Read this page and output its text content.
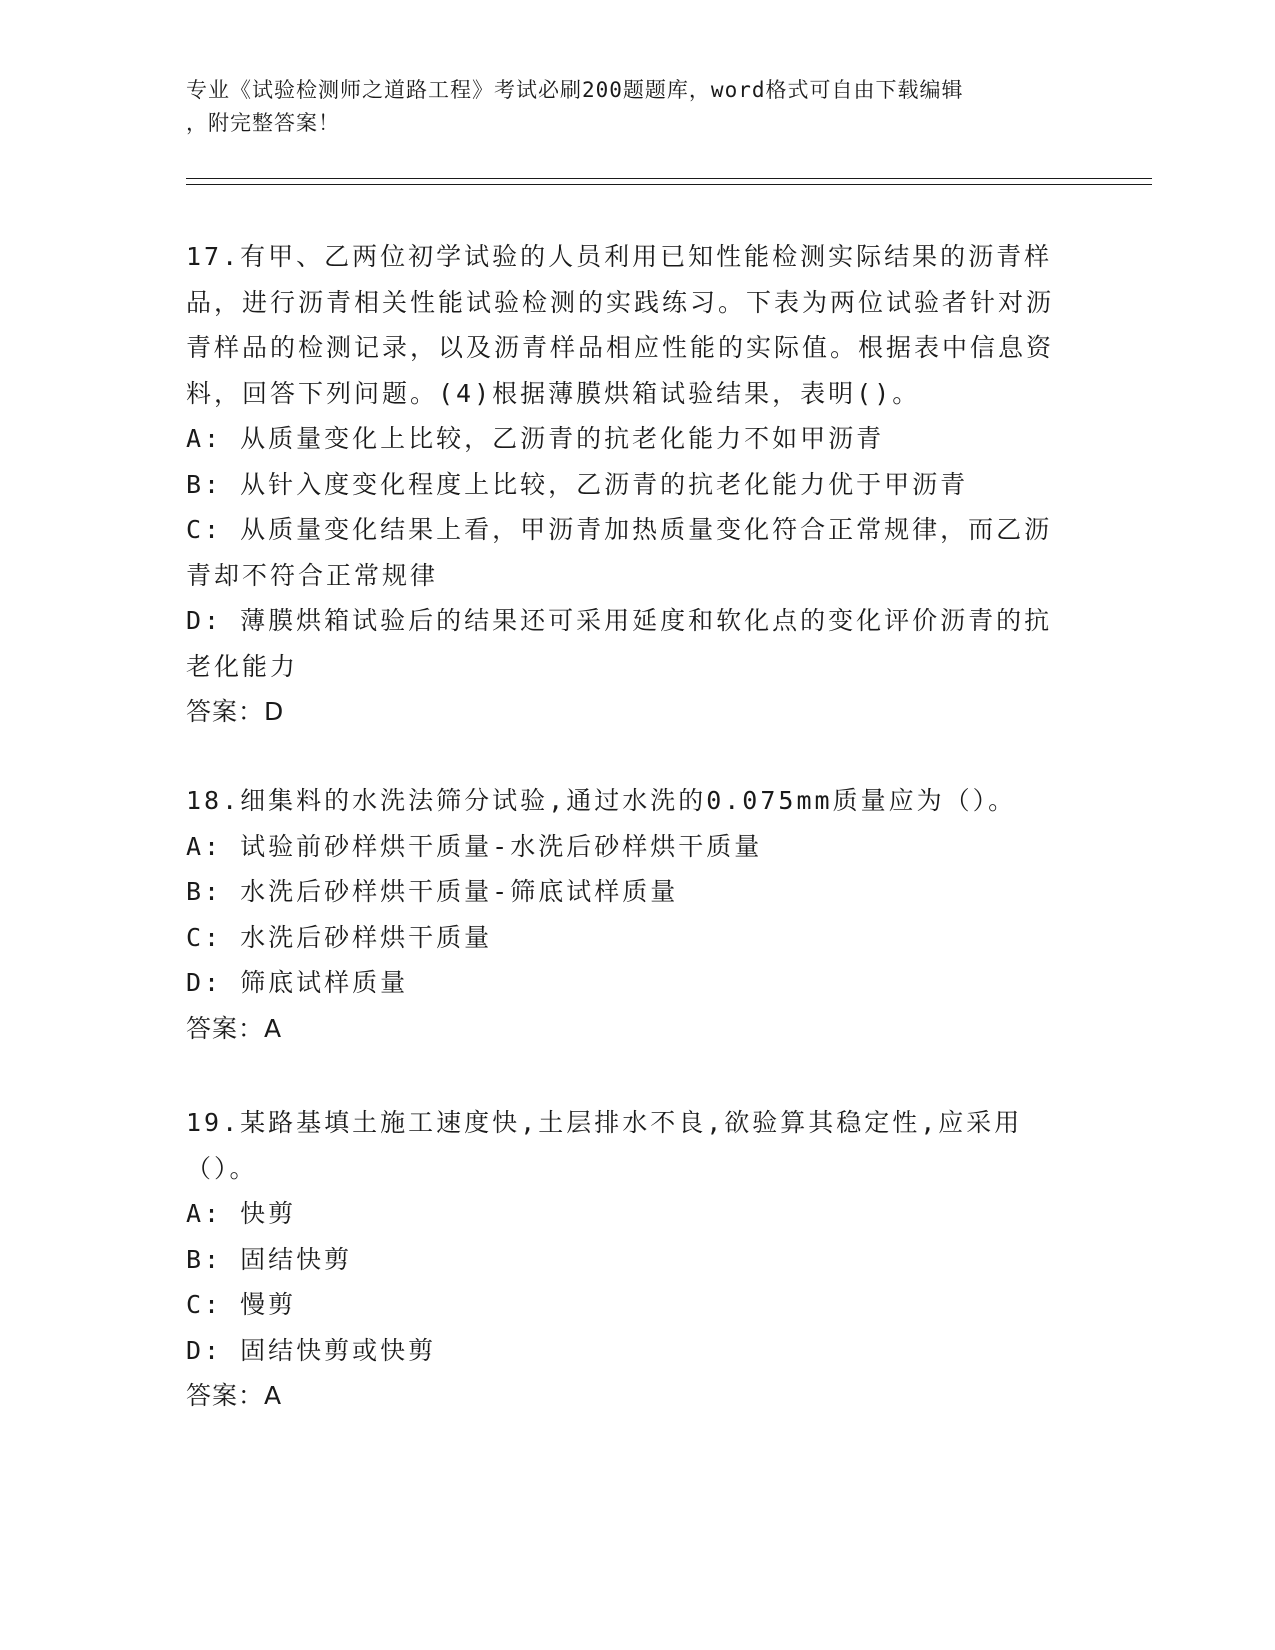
专业《试验检测师之道路工程》考试必刷200题题库，word格式可自由下载编辑
，附完整答案！

17.有甲、乙两位初学试验的人员利用已知性能检测实际结果的沥青样品，进行沥青相关性能试验检测的实践练习。下表为两位试验者针对沥青样品的检测记录，以及沥青样品相应性能的实际值。根据表中信息资料，回答下列问题。(4)根据薄膜烘箱试验结果，表明()。

A: 从质量变化上比较，乙沥青的抗老化能力不如甲沥青

B: 从针入度变化程度上比较，乙沥青的抗老化能力优于甲沥青

C: 从质量变化结果上看，甲沥青加热质量变化符合正常规律，而乙沥青却不符合正常规律

D: 薄膜烘箱试验后的结果还可采用延度和软化点的变化评价沥青的抗老化能力

答案：D

18.细集料的水洗法筛分试验,通过水洗的0.075mm质量应为（）。

A: 试验前砂样烘干质量-水洗后砂样烘干质量

B: 水洗后砂样烘干质量-筛底试样质量

C: 水洗后砂样烘干质量

D: 筛底试样质量

答案：A

19.某路基填土施工速度快,土层排水不良,欲验算其稳定性,应采用（）。

A: 快剪

B: 固结快剪

C: 慢剪

D: 固结快剪或快剪

答案：A
